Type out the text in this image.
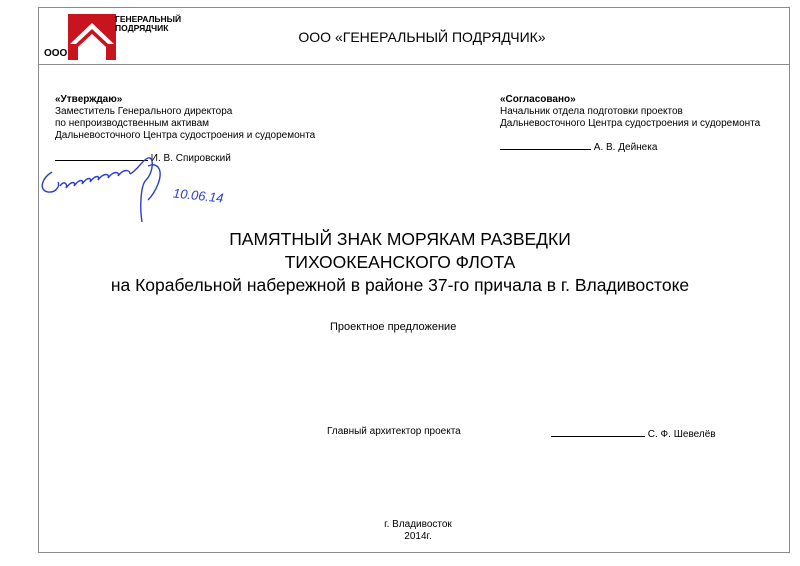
ООО
ГЕНЕРАЛЬНЫЙ
ПОДРЯДЧИК
ООО «ГЕНЕРАЛЬНЫЙ ПОДРЯДЧИК»
«Утверждаю»
Заместитель Генерального директора
по непроизводственным активам
Дальневосточного Центра судостроения и судоремонта
И. В. Спировский
10.06.14
«Согласовано»
Начальник отдела подготовки проектов
Дальневосточного Центра судостроения и судоремонта
А. В. Дейнека
ПАМЯТНЫЙ ЗНАК МОРЯКАМ РАЗВЕДКИ
ТИХООКЕАНСКОГО ФЛОТА
на Корабельной набережной в районе 37-го причала в г. Владивостоке
Проектное предложение
Главный архитектор проекта	С. Ф. Шевелёв
г. Владивосток
2014г.
